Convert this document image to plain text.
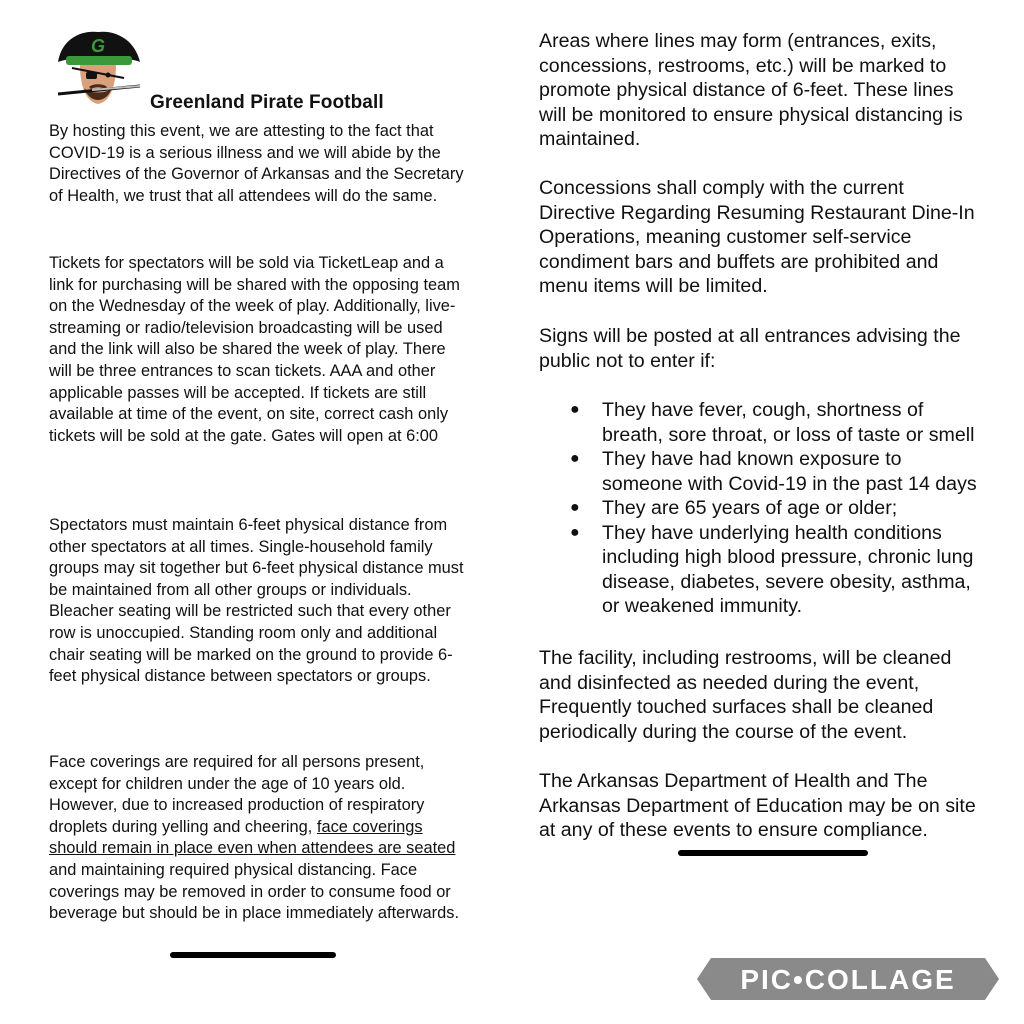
G
Greenland Pirate Football

By hosting this event, we are attesting to the fact that COVID-19 is a serious illness and we will abide by the Directives of the Governor of Arkansas and the Secretary of Health, we trust that all attendees will do the same.

Tickets for spectators will be sold via TicketLeap and a link for purchasing will be shared with the opposing team on the Wednesday of the week of play. Additionally, live-streaming or radio/television broadcasting will be used and the link will also be shared the week of play. There will be three entrances to scan tickets. AAA and other applicable passes will be accepted. If tickets are still available at time of the event, on site, correct cash only tickets will be sold at the gate. Gates will open at 6:00

Spectators must maintain 6-feet physical distance from other spectators at all times. Single-household family groups may sit together but 6-feet physical distance must be maintained from all other groups or individuals. Bleacher seating will be restricted such that every other row is unoccupied. Standing room only and additional chair seating will be marked on the ground to provide 6-feet physical distance between spectators or groups.

Face coverings are required for all persons present, except for children under the age of 10 years old. However, due to increased production of respiratory droplets during yelling and cheering, face coverings should remain in place even when attendees are seated and maintaining required physical distancing. Face coverings may be removed in order to consume food or beverage but should be in place immediately afterwards.

Areas where lines may form (entrances, exits,
concessions, restrooms, etc.) will be marked to
promote physical distance of 6-feet. These lines
will be monitored to ensure physical distancing is
maintained.

Concessions shall comply with the current
Directive Regarding Resuming Restaurant Dine-In
Operations, meaning customer self-service
condiment bars and buffets are prohibited and
menu items will be limited.

Signs will be posted at all entrances advising the
public not to enter if:

● They have fever, cough, shortness of
breath, sore throat, or loss of taste or smell
● They have had known exposure to
someone with Covid-19 in the past 14 days
● They are 65 years of age or older;
● They have underlying health conditions
including high blood pressure, chronic lung
disease, diabetes, severe obesity, asthma,
or weakened immunity.

The facility, including restrooms, will be cleaned
and disinfected as needed during the event,
Frequently touched surfaces shall be cleaned
periodically during the course of the event.

The Arkansas Department of Health and The
Arkansas Department of Education may be on site
at any of these events to ensure compliance.

PIC•COLLAGE
